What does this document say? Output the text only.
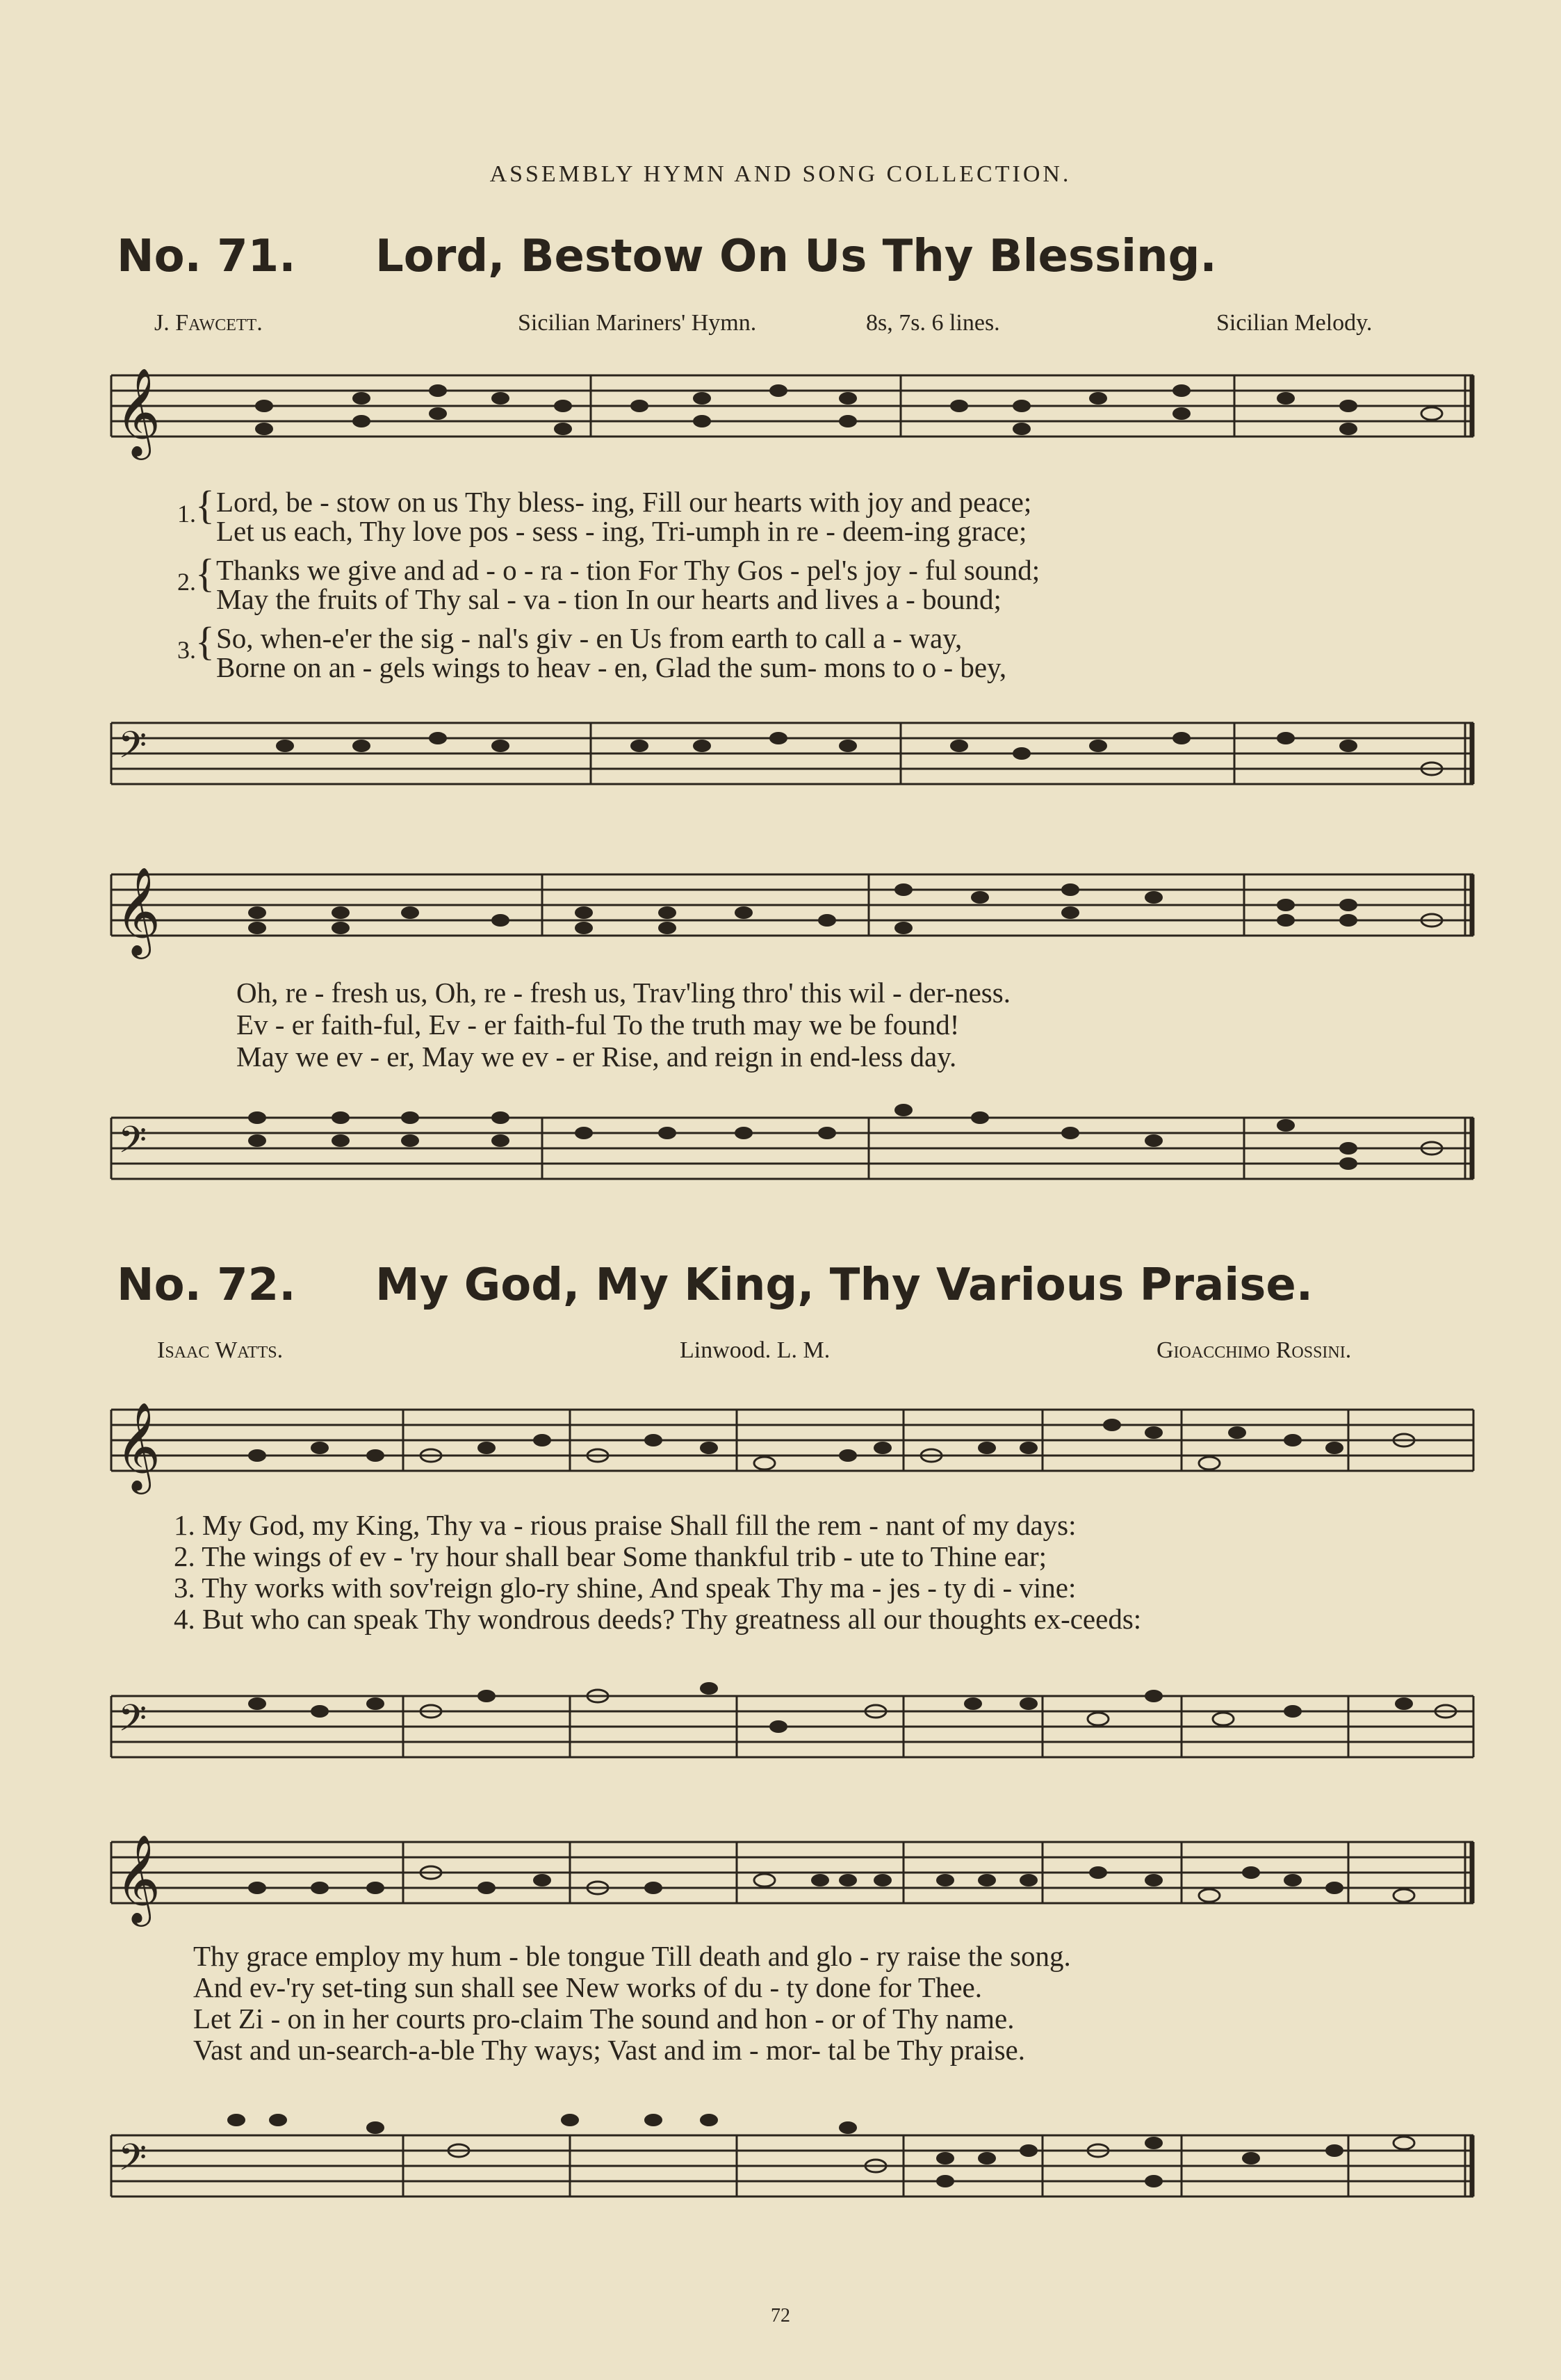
ASSEMBLY HYMN AND SONG COLLECTION.
No. 71. Lord, Bestow On Us Thy Blessing.
J. Fawcett.	Sicilian Mariners' Hymn.	8s, 7s. 6 lines.	Sicilian Melody.
𝄞
1. { Lord, be - stow on us Thy bless- ing, Fill our hearts with joy and peace;
Let us each, Thy love pos - sess - ing, Tri-umph in re - deem-ing grace;
2. { Thanks we give and ad - o - ra - tion For Thy Gos - pel's joy - ful sound;
May the fruits of Thy sal - va - tion In our hearts and lives a - bound;
3. { So, when-e'er the sig - nal's giv - en Us from earth to call a - way,
Borne on an - gels wings to heav - en, Glad the sum- mons to o - bey,
𝄢
𝄞
Oh, re - fresh us, Oh, re - fresh us, Trav'ling thro' this wil - der-ness.
Ev - er faith-ful, Ev - er faith-ful To the truth may we be found!
May we ev - er, May we ev - er Rise, and reign in end-less day.
𝄢
No. 72. My God, My King, Thy Various Praise.
Isaac Watts.	Linwood. L. M.	Gioacchimo Rossini.
𝄞
1. My God, my King, Thy va - rious praise Shall fill the rem - nant of my days:
2. The wings of ev - 'ry hour shall bear Some thankful trib - ute to Thine ear;
3. Thy works with sov'reign glo-ry shine, And speak Thy ma - jes - ty di - vine:
4. But who can speak Thy wondrous deeds? Thy greatness all our thoughts ex-ceeds:
𝄢
𝄞
Thy grace employ my hum - ble tongue Till death and glo - ry raise the song.
And ev-'ry set-ting sun shall see New works of du - ty done for Thee.
Let Zi - on in her courts pro-claim The sound and hon - or of Thy name.
Vast and un-search-a-ble Thy ways; Vast and im - mor- tal be Thy praise.
𝄢
72
